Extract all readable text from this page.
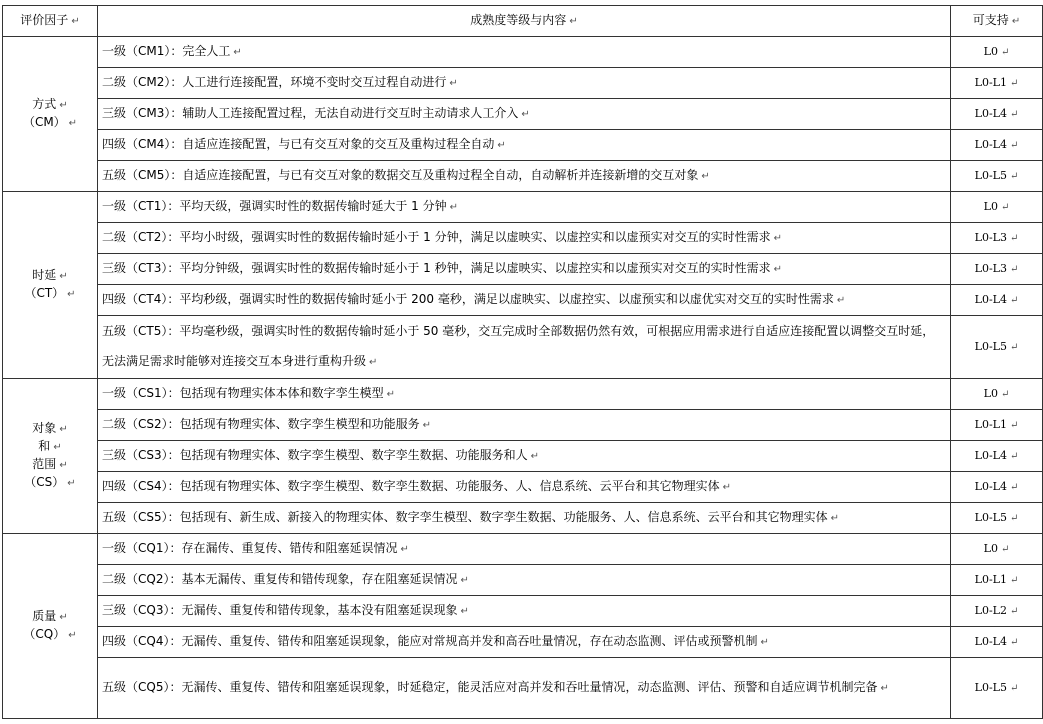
评价因子 ↵	成熟度等级与内容 ↵	可支持 ↵

方式 ↵
（CM） ↵	一级（CM1）：完全人工 ↵	L0 ↵
	二级（CM2）：人工进行连接配置，环境不变时交互过程自动进行 ↵	L0-L1 ↵
	三级（CM3）：辅助人工连接配置过程，无法自动进行交互时主动请求人工介入 ↵	L0-L4 ↵
	四级（CM4）：自适应连接配置，与已有交互对象的交互及重构过程全自动 ↵	L0-L4 ↵
	五级（CM5）：自适应连接配置，与已有交互对象的数据交互及重构过程全自动，自动解析并连接新增的交互对象 ↵	L0-L5 ↵

时延 ↵
（CT） ↵	一级（CT1）：平均天级，强调实时性的数据传输时延大于 1 分钟 ↵	L0 ↵
	二级（CT2）：平均小时级，强调实时性的数据传输时延小于 1 分钟，满足以虚映实、以虚控实和以虚预实对交互的实时性需求 ↵	L0-L3 ↵
	三级（CT3）：平均分钟级，强调实时性的数据传输时延小于 1 秒钟，满足以虚映实、以虚控实和以虚预实对交互的实时性需求 ↵	L0-L3 ↵
	四级（CT4）：平均秒级，强调实时性的数据传输时延小于 200 毫秒，满足以虚映实、以虚控实、以虚预实和以虚优实对交互的实时性需求 ↵	L0-L4 ↵
	五级（CT5）：平均毫秒级，强调实时性的数据传输时延小于 50 毫秒，交互完成时全部数据仍然有效，可根据应用需求进行自适应连接配置以调整交互时延，无法满足需求时能够对连接交互本身进行重构升级 ↵	L0-L5 ↵

对象 ↵
和 ↵
范围 ↵
（CS） ↵	一级（CS1）：包括现有物理实体本体和数字孪生模型 ↵	L0 ↵
	二级（CS2）：包括现有物理实体、数字孪生模型和功能服务 ↵	L0-L1 ↵
	三级（CS3）：包括现有物理实体、数字孪生模型、数字孪生数据、功能服务和人 ↵	L0-L4 ↵
	四级（CS4）：包括现有物理实体、数字孪生模型、数字孪生数据、功能服务、人、信息系统、云平台和其它物理实体 ↵	L0-L4 ↵
	五级（CS5）：包括现有、新生成、新接入的物理实体、数字孪生模型、数字孪生数据、功能服务、人、信息系统、云平台和其它物理实体 ↵	L0-L5 ↵

质量 ↵
（CQ） ↵	一级（CQ1）：存在漏传、重复传、错传和阻塞延误情况 ↵	L0 ↵
	二级（CQ2）：基本无漏传、重复传和错传现象，存在阻塞延误情况 ↵	L0-L1 ↵
	三级（CQ3）：无漏传、重复传和错传现象，基本没有阻塞延误现象 ↵	L0-L2 ↵
	四级（CQ4）：无漏传、重复传、错传和阻塞延误现象，能应对常规高并发和高吞吐量情况，存在动态监测、评估或预警机制 ↵	L0-L4 ↵
	五级（CQ5）：无漏传、重复传、错传和阻塞延误现象，时延稳定，能灵活应对高并发和吞吐量情况，动态监测、评估、预警和自适应调节机制完备 ↵	L0-L5 ↵
